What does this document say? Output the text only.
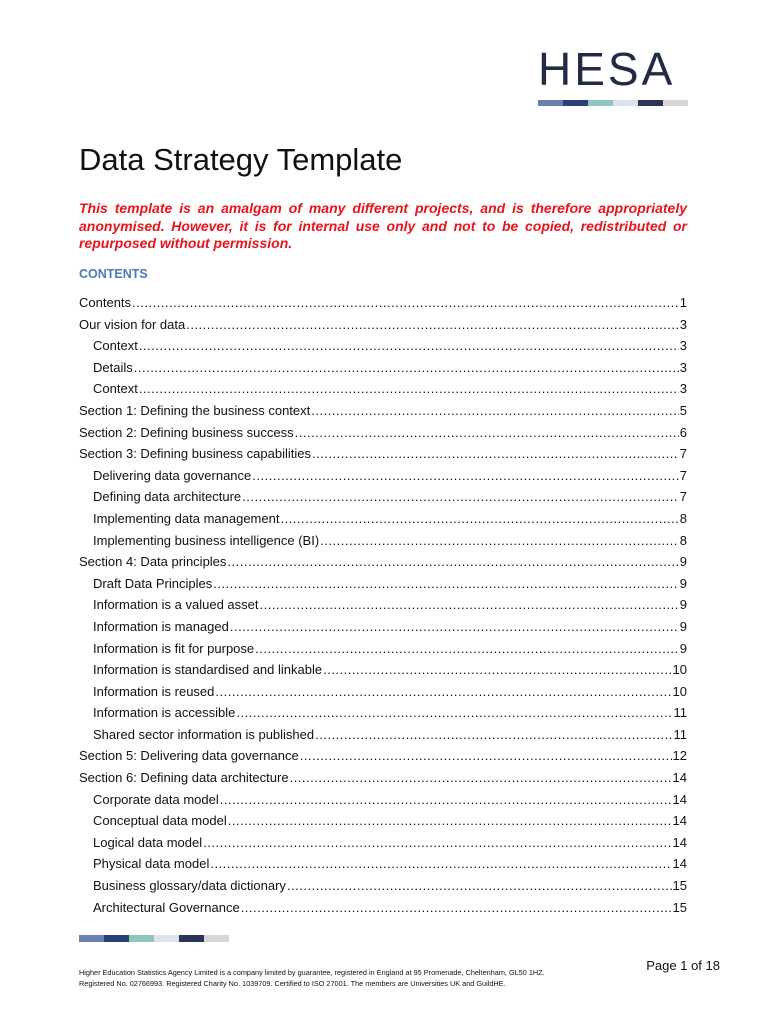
HESA
Data Strategy Template
This template is an amalgam of many different projects, and is therefore appropriately anonymised. However, it is for internal use only and not to be copied, redistributed or repurposed without permission.
CONTENTS
Contents .....	1
Our vision for data .....	3
Context .....	3
Details .....	3
Context .....	3
Section 1: Defining the business context .....	5
Section 2: Defining business success .....	6
Section 3: Defining business capabilities .....	7
Delivering data governance .....	7
Defining data architecture .....	7
Implementing data management .....	8
Implementing business intelligence (BI) .....	8
Section 4: Data principles .....	9
Draft Data Principles .....	9
Information is a valued asset .....	9
Information is managed .....	9
Information is fit for purpose .....	9
Information is standardised and linkable .....	10
Information is reused .....	10
Information is accessible .....	11
Shared sector information is published .....	11
Section 5: Delivering data governance .....	12
Section 6: Defining data architecture .....	14
Corporate data model .....	14
Conceptual data model .....	14
Logical data model .....	14
Physical data model .....	14
Business glossary/data dictionary .....	15
Architectural Governance .....	15
Page 1 of 18
Higher Education Statistics Agency Limited is a company limited by guarantee, registered in England at 95 Promenade, Cheltenham, GL50 1HZ.
Registered No. 02766993. Registered Charity No. 1039709. Certified to ISO 27001. The members are Universities UK and GuildHE.
